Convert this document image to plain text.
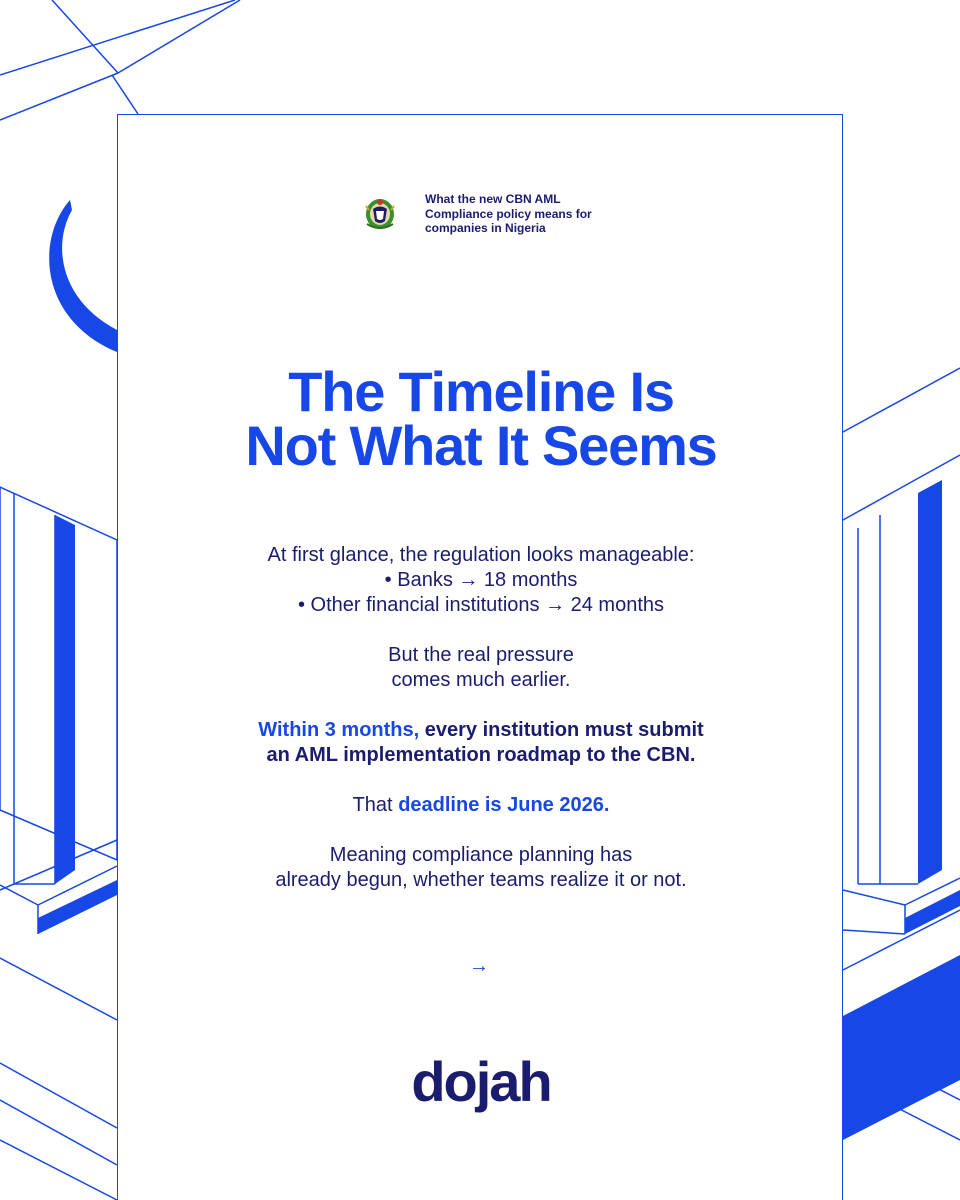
What the new CBN AML Compliance policy means for companies in Nigeria
The Timeline Is
Not What It Seems
At first glance, the regulation looks manageable:
• Banks → 18 months
• Other financial institutions → 24 months
But the real pressure
comes much earlier.
Within 3 months, every institution must submit
an AML implementation roadmap to the CBN.
That deadline is June 2026.
Meaning compliance planning has
already begun, whether teams realize it or not.
→
dojah
